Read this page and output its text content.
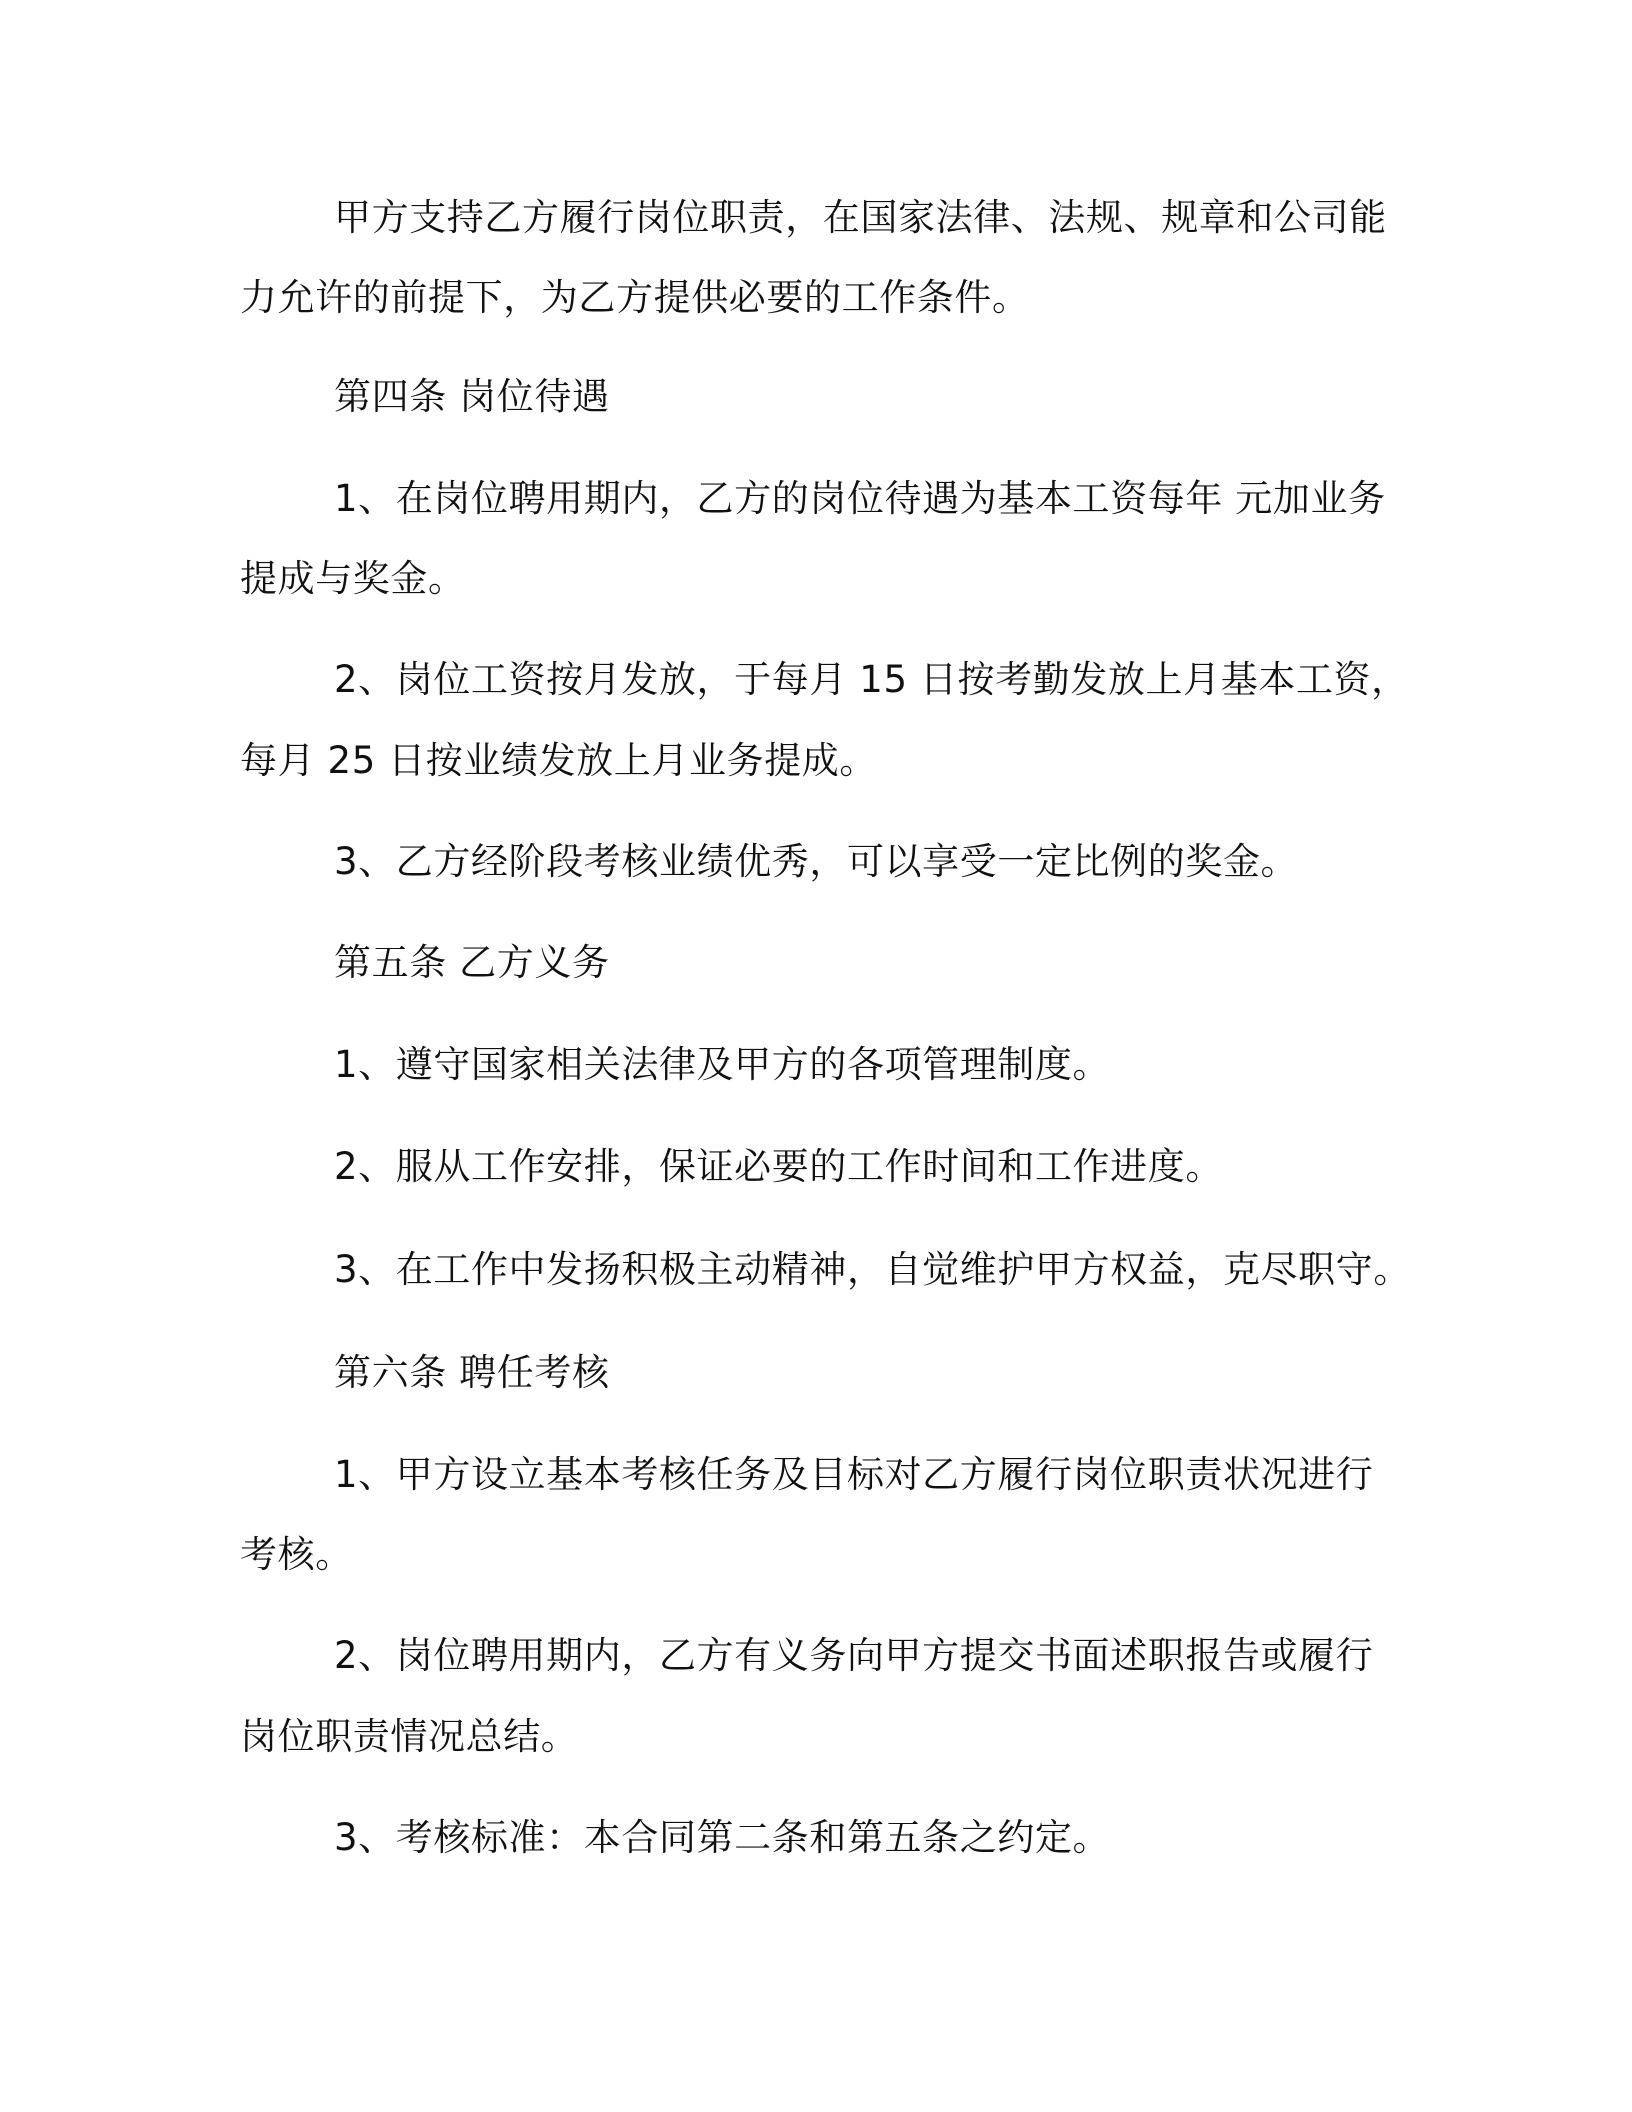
甲方支持乙方履行岗位职责，在国家法律、法规、规章和公司能
力允许的前提下，为乙方提供必要的工作条件。
第四条 岗位待遇
1、在岗位聘用期内，乙方的岗位待遇为基本工资每年 元加业务
提成与奖金。
2、岗位工资按月发放，于每月 15 日按考勤发放上月基本工资，
每月 25 日按业绩发放上月业务提成。
3、乙方经阶段考核业绩优秀，可以享受一定比例的奖金。
第五条 乙方义务
1、遵守国家相关法律及甲方的各项管理制度。
2、服从工作安排，保证必要的工作时间和工作进度。
3、在工作中发扬积极主动精神，自觉维护甲方权益，克尽职守。
第六条 聘任考核
1、甲方设立基本考核任务及目标对乙方履行岗位职责状况进行
考核。
2、岗位聘用期内，乙方有义务向甲方提交书面述职报告或履行
岗位职责情况总结。
3、考核标准：本合同第二条和第五条之约定。
